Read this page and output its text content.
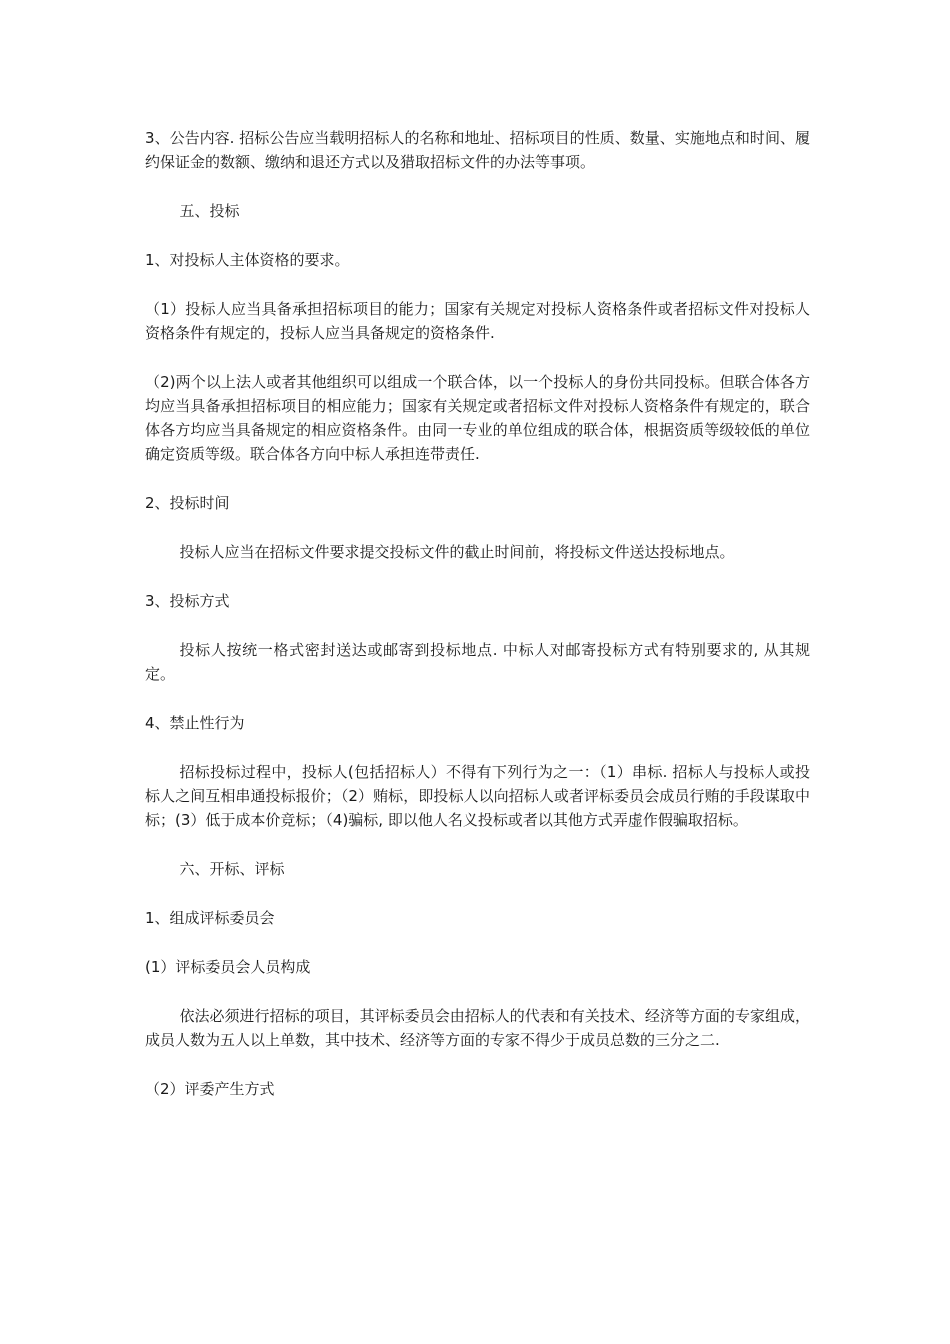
3、公告内容. 招标公告应当载明招标人的名称和地址、招标项目的性质、数量、实施地点和时间、履约保证金的数额、缴纳和退还方式以及猎取招标文件的办法等事项。

五、投标

1、对投标人主体资格的要求。

（1）投标人应当具备承担招标项目的能力；国家有关规定对投标人资格条件或者招标文件对投标人资格条件有规定的，投标人应当具备规定的资格条件.

（2)两个以上法人或者其他组织可以组成一个联合体，以一个投标人的身份共同投标。但联合体各方均应当具备承担招标项目的相应能力；国家有关规定或者招标文件对投标人资格条件有规定的，联合体各方均应当具备规定的相应资格条件。由同一专业的单位组成的联合体，根据资质等级较低的单位确定资质等级。联合体各方向中标人承担连带责任.

2、投标时间

投标人应当在招标文件要求提交投标文件的截止时间前，将投标文件送达投标地点。

3、投标方式

投标人按统一格式密封送达或邮寄到投标地点. 中标人对邮寄投标方式有特别要求的, 从其规定。

4、禁止性行为

招标投标过程中，投标人(包括招标人）不得有下列行为之一：（1）串标. 招标人与投标人或投标人之间互相串通投标报价；（2）贿标，即投标人以向招标人或者评标委员会成员行贿的手段谋取中标；(3）低于成本价竞标；（4)骗标, 即以他人名义投标或者以其他方式弄虚作假骗取招标。

六、开标、评标

1、组成评标委员会

(1）评标委员会人员构成

依法必须进行招标的项目，其评标委员会由招标人的代表和有关技术、经济等方面的专家组成，成员人数为五人以上单数，其中技术、经济等方面的专家不得少于成员总数的三分之二.

（2）评委产生方式
